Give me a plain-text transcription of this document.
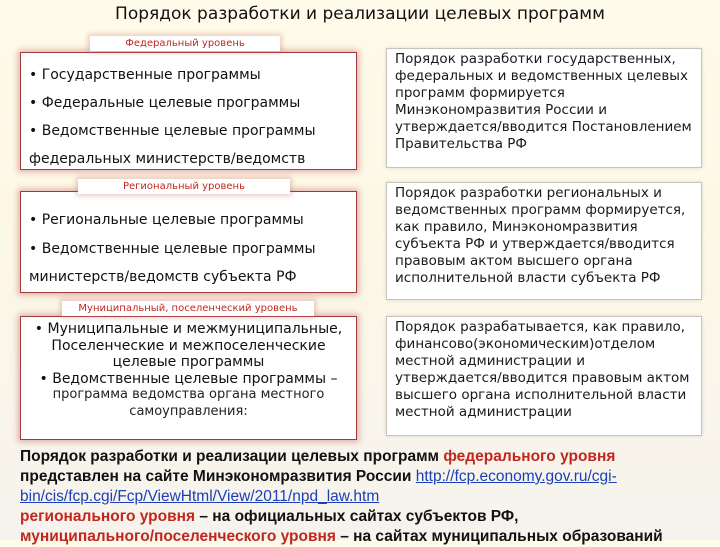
Порядок разработки и реализации целевых программ
• Государственные программы
• Федеральные целевые программы
• Ведомственные целевые программы
федеральных министерств/ведомств
Федеральный уровень
Порядок разработки государственных, федеральных и ведомственных целевых программ формируется Минэкономразвития России и утверждается/вводится Постановлением Правительства РФ
• Региональные целевые программы
• Ведомственные целевые программы
министерств/ведомств субъекта РФ
Региональный уровень	Порядок разработки региональных и ведомственных программ формируется, как правило, Минэкономразвития субъекта РФ и утверждается/вводится правовым актом высшего органа исполнительной власти субъекта РФ
• Муниципальные и межмуниципальные,
Поселенческие и межпоселенческие
целевые программы
• Ведомственные целевые программы –
программа ведомства органа местного
самоуправления:
Муниципальный, поселенческий уровень
Порядок разрабатывается, как правило, финансово(экономическим)отделом местной администрации и утверждается/вводится правовым актом высшего органа исполнительной власти местной администрации
Порядок разработки и реализации целевых программ федерального уровня
представлен на сайте Минэкономразвития России http://fcp.economy.gov.ru/cgi-bin/cis/fcp.cgi/Fcp/ViewHtml/View/2011/npd_law.htm
регионального уровня – на официальных сайтах субъектов РФ,
муниципального/поселенческого уровня – на сайтах муниципальных образований
